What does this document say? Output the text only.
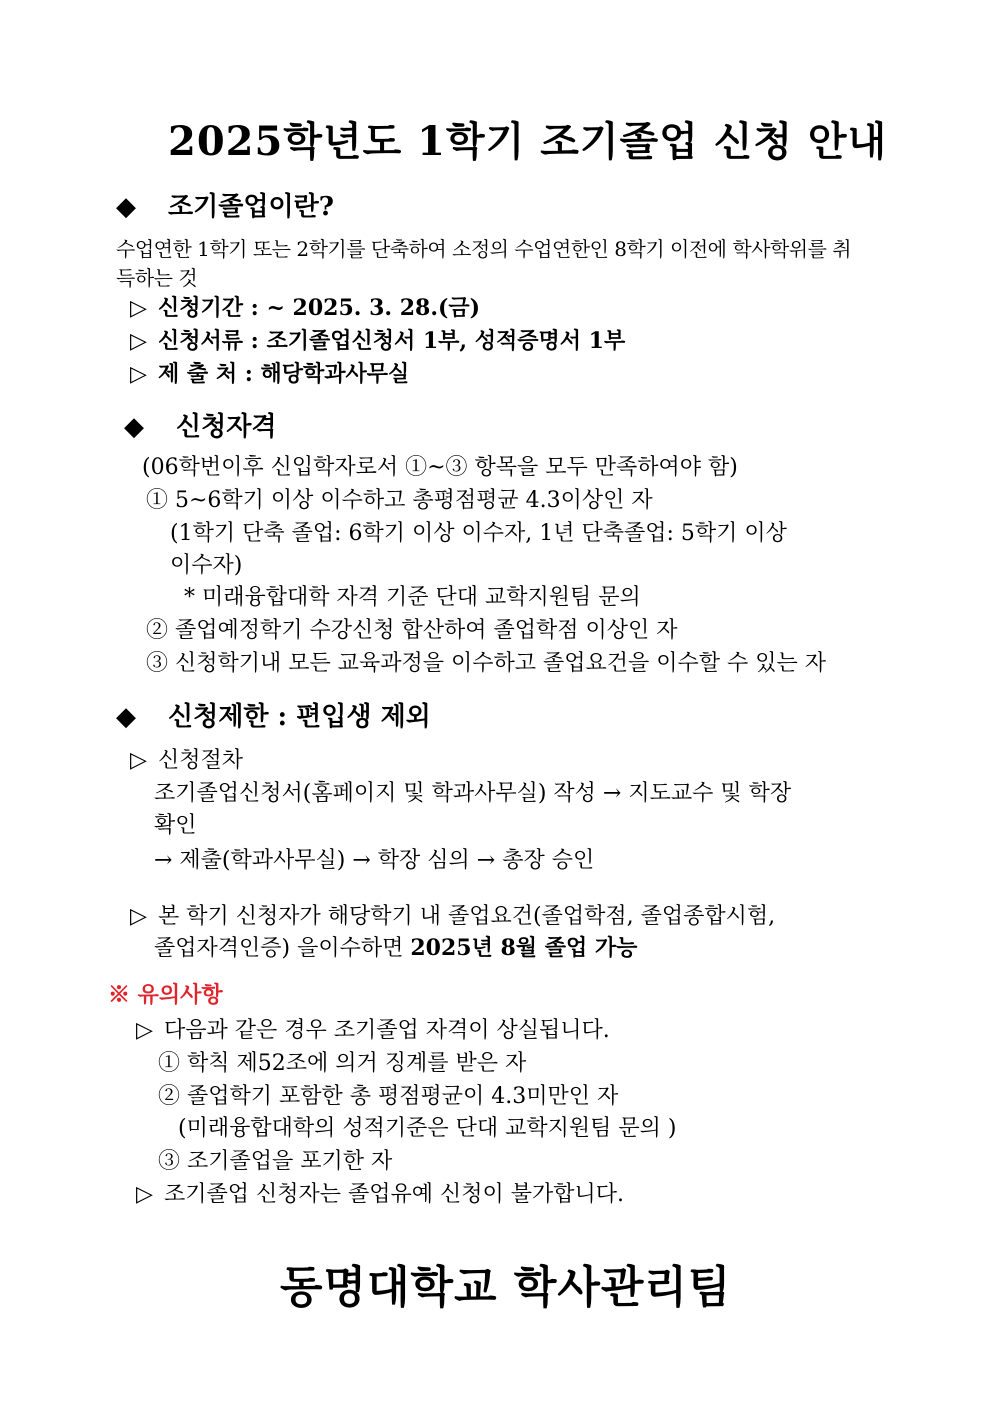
2025학년도 1학기 조기졸업 신청 안내
◆ 조기졸업이란?
수업연한 1학기 또는 2학기를 단축하여 소정의 수업연한인 8학기 이전에 학사학위를 취
득하는 것
▷ 신청기간 : ~ 2025. 3. 28.(금)
▷ 신청서류 : 조기졸업신청서 1부, 성적증명서 1부
▷ 제 출 처 : 해당학과사무실
◆ 신청자격
(06학번이후 신입학자로서 ①~③ 항목을 모두 만족하여야 함)
① 5~6학기 이상 이수하고 총평점평균 4.3이상인 자
(1학기 단축 졸업: 6학기 이상 이수자, 1년 단축졸업: 5학기 이상
이수자)
* 미래융합대학 자격 기준 단대 교학지원팀 문의
② 졸업예정학기 수강신청 합산하여 졸업학점 이상인 자
③ 신청학기내 모든 교육과정을 이수하고 졸업요건을 이수할 수 있는 자
◆ 신청제한 : 편입생 제외
▷ 신청절차
조기졸업신청서(홈페이지 및 학과사무실) 작성 → 지도교수 및 학장
확인
→ 제출(학과사무실) → 학장 심의 → 총장 승인
▷ 본 학기 신청자가 해당학기 내 졸업요건(졸업학점, 졸업종합시험,
졸업자격인증) 을이수하면 2025년 8월 졸업 가능
※ 유의사항
▷ 다음과 같은 경우 조기졸업 자격이 상실됩니다.
① 학칙 제52조에 의거 징계를 받은 자
② 졸업학기 포함한 총 평점평균이 4.3미만인 자
(미래융합대학의 성적기준은 단대 교학지원팀 문의 )
③ 조기졸업을 포기한 자
▷ 조기졸업 신청자는 졸업유예 신청이 불가합니다.
동명대학교 학사관리팀
